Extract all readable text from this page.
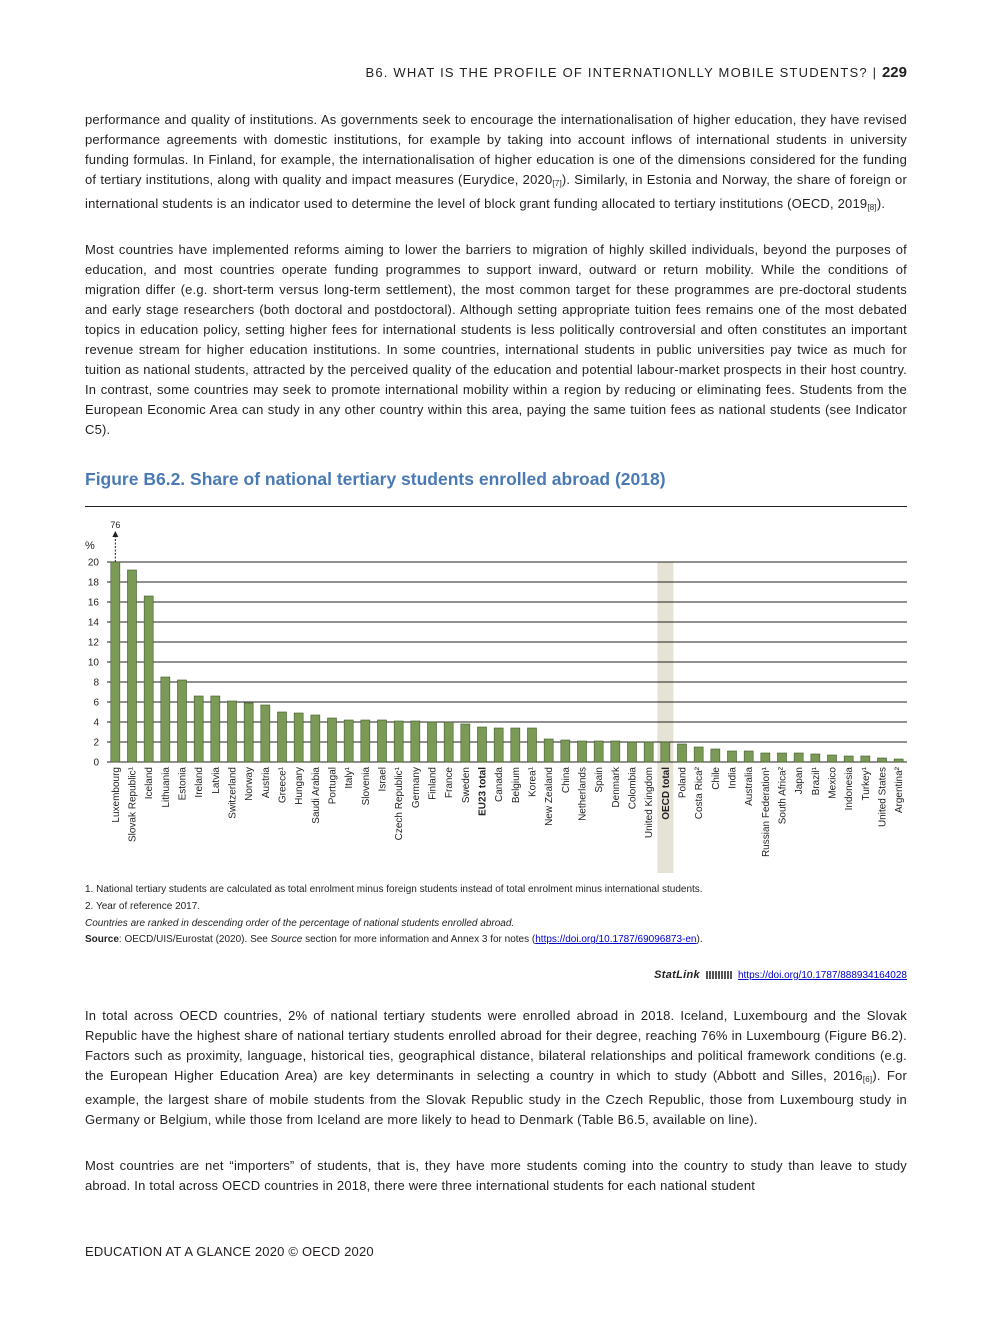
B6. WHAT IS THE PROFILE OF INTERNATIONLLY MOBILE STUDENTS? | 229

performance and quality of institutions. As governments seek to encourage the internationalisation of higher education, they have revised performance agreements with domestic institutions, for example by taking into account inflows of international students in university funding formulas. In Finland, for example, the internationalisation of higher education is one of the dimensions considered for the funding of tertiary institutions, along with quality and impact measures (Eurydice, $2020_{[7]}$). Similarly, in Estonia and Norway, the share of foreign or international students is an indicator used to determine the level of block grant funding allocated to tertiary institutions (OECD, $2019_{[8]}$).

Most countries have implemented reforms aiming to lower the barriers to migration of highly skilled individuals, beyond the purposes of education, and most countries operate funding programmes to support inward, outward or return mobility. While the conditions of migration differ (e.g. short-term versus long-term settlement), the most common target for these programmes are pre-doctoral students and early stage researchers (both doctoral and postdoctoral). Although setting appropriate tuition fees remains one of the most debated topics in education policy, setting higher fees for international students is less politically controversial and often constitutes an important revenue stream for higher education institutions. In some countries, international students in public universities pay twice as much for tuition as national students, attracted by the perceived quality of the education and potential labour-market prospects in their host country. In contrast, some countries may seek to promote international mobility within a region by reducing or eliminating fees. Students from the European Economic Area can study in any other country within this area, paying the same tuition fees as national students (see Indicator C5).

Figure B6.2. Share of national tertiary students enrolled abroad (2018)
0
2
4
6
8
10
12
14
16
18
20
%
Luxembourg Slovak Republic¹ Iceland Lithuania Estonia Ireland Latvia Switzerland Norway Austria Greece¹ Hungary Saudi Arabia Portugal Italy¹ Slovenia Israel Czech Republic¹ Germany Finland France Sweden EU23 total Canada Belgium Korea¹ New Zealand China Netherlands Spain Denmark Colombia United Kingdom OECD total Poland Costa Rica² Chile India Australia Russian Federation¹ South Africa² Japan Brazil¹ Mexico Indonesia Turkey¹ United States Argentina²
76
1. National tertiary students are calculated as total enrolment minus foreign students instead of total enrolment minus international students.
2. Year of reference 2017.
Countries are ranked in descending order of the percentage of national students enrolled abroad.
Source: OECD/UIS/Eurostat (2020). See Source section for more information and Annex 3 for notes (https://doi.org/10.1787/69096873-en).
StatLink	https://doi.org/10.1787/888934164028

In total across OECD countries, 2% of national tertiary students were enrolled abroad in 2018. Iceland, Luxembourg and the Slovak Republic have the highest share of national tertiary students enrolled abroad for their degree, reaching 76% in Luxembourg (Figure B6.2). Factors such as proximity, language, historical ties, geographical distance, bilateral relationships and political framework conditions (e.g. the European Higher Education Area) are key determinants in selecting a country in which to study (Abbott and Silles, $2016_{[6]}$). For example, the largest share of mobile students from the Slovak Republic study in the Czech Republic, those from Luxembourg study in Germany or Belgium, while those from Iceland are more likely to head to Denmark (Table B6.5, available on line).

Most countries are net “importers” of students, that is, they have more students coming into the country to study than leave to study abroad. In total across OECD countries in 2018, there were three international students for each national student

EDUCATION AT A GLANCE 2020 © OECD 2020
